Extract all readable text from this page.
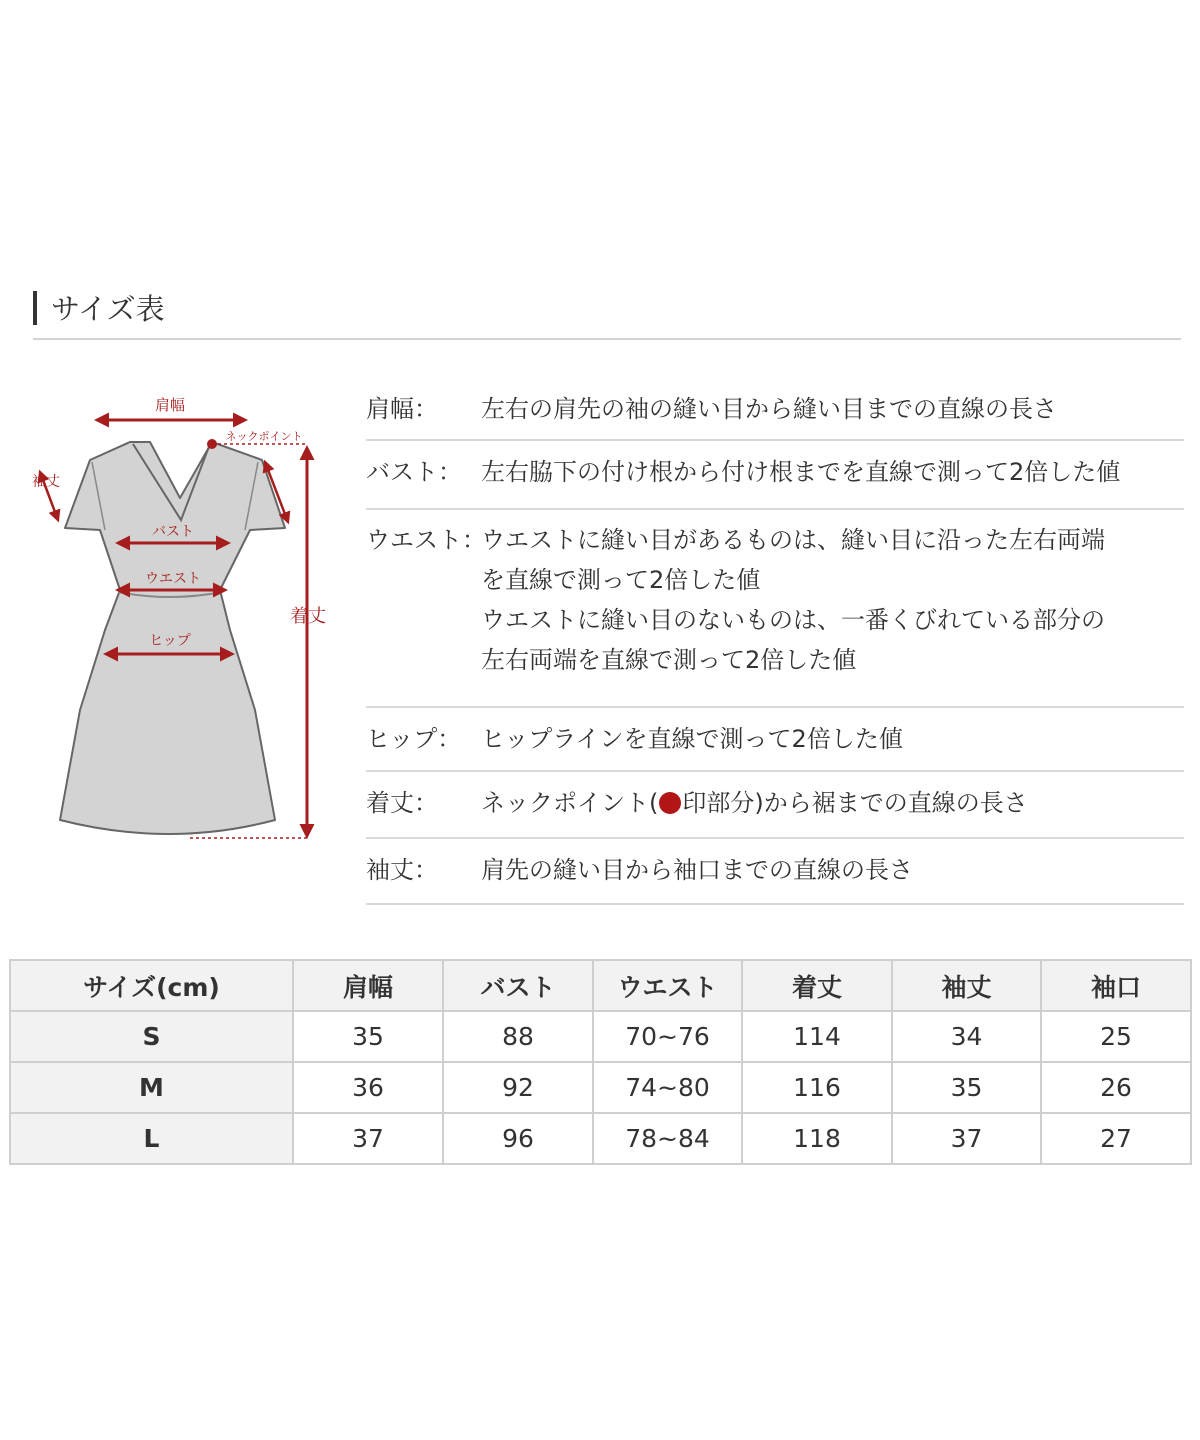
サイズ表
肩幅
ネックポイント
袖丈
バスト
ウエスト
ヒップ
着丈
肩幅：	左右の肩先の袖の縫い目から縫い目までの直線の長さ
バスト： 左右脇下の付け根から付け根までを直線で測って2倍した値
ウエスト：
ウエストに縫い目があるものは、縫い目に沿った左右両端
を直線で測って2倍した値
ウエストに縫い目のないものは、一番くびれている部分の
左右両端を直線で測って2倍した値
ヒップ： ヒップラインを直線で測って2倍した値
着丈：	ネックポイント( 印部分)から裾までの直線の長さ
袖丈：	肩先の縫い目から袖口までの直線の長さ
サイズ(cm)	肩幅	バスト	ウエスト	着丈	袖丈	袖口
S	35	88	70~76	114	34	25
M	36	92	74~80	116	35	26
L	37	96	78~84	118	37	27
